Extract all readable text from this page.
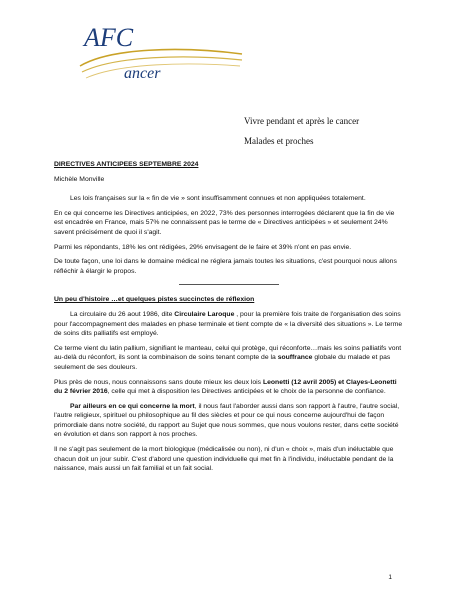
AFC
ancer
Vivre pendant et après le cancer
Malades et proches

DIRECTIVES ANTICIPEES SEPTEMBRE 2024

Michèle Monville

Les lois françaises sur la « fin de vie » sont insuffisamment connues et non appliquées totalement.

En ce qui concerne les Directives anticipées, en 2022, 73% des personnes interrogées déclarent que la fin de vie est encadrée en France, mais 57% ne connaissent pas le terme de « Directives anticipées » et seulement 24% savent précisément de quoi il s'agit.

Parmi les répondants, 18% les ont rédigées, 29% envisagent de le faire et 39% n'ont en pas envie.

De toute façon, une loi dans le domaine médical ne réglera jamais toutes les situations, c'est pourquoi nous allons réfléchir à élargir le propos.

Un peu d'histoire …et quelques pistes succinctes de réflexion

La circulaire du 26 aout 1986, dite Circulaire Laroque , pour la première fois traite de l'organisation des soins pour l'accompagnement des malades en phase terminale et tient compte de « la diversité des situations ». Le terme de soins dits palliatifs est employé.

Ce terme vient du latin pallium, signifiant le manteau, celui qui protège, qui réconforte…mais les soins palliatifs vont au-delà du réconfort, ils sont la combinaison de soins tenant compte de la souffrance globale du malade et pas seulement de ses douleurs.

Plus près de nous, nous connaissons sans doute mieux les deux lois Leonetti (12 avril 2005) et Clayes-Leonetti du 2 février 2016, celle qui met à disposition les Directives anticipées et le choix de la personne de confiance.

Par ailleurs en ce qui concerne la mort, il nous faut l'aborder aussi dans son rapport à l'autre, l'autre social, l'autre religieux, spirituel ou philosophique au fil des siècles et pour ce qui nous concerne aujourd'hui de façon primordiale dans notre société, du rapport au Sujet que nous sommes, que nous voulons rester, dans cette société en évolution et dans son rapport à nos proches.

Il ne s'agit pas seulement de la mort biologique (médicalisée ou non), ni d'un « choix », mais d'un inéluctable que chacun doit un jour subir. C'est d'abord une question individuelle qui met fin à l'individu, inéluctable pendant de la naissance, mais aussi un fait familial et un fait social.

1
